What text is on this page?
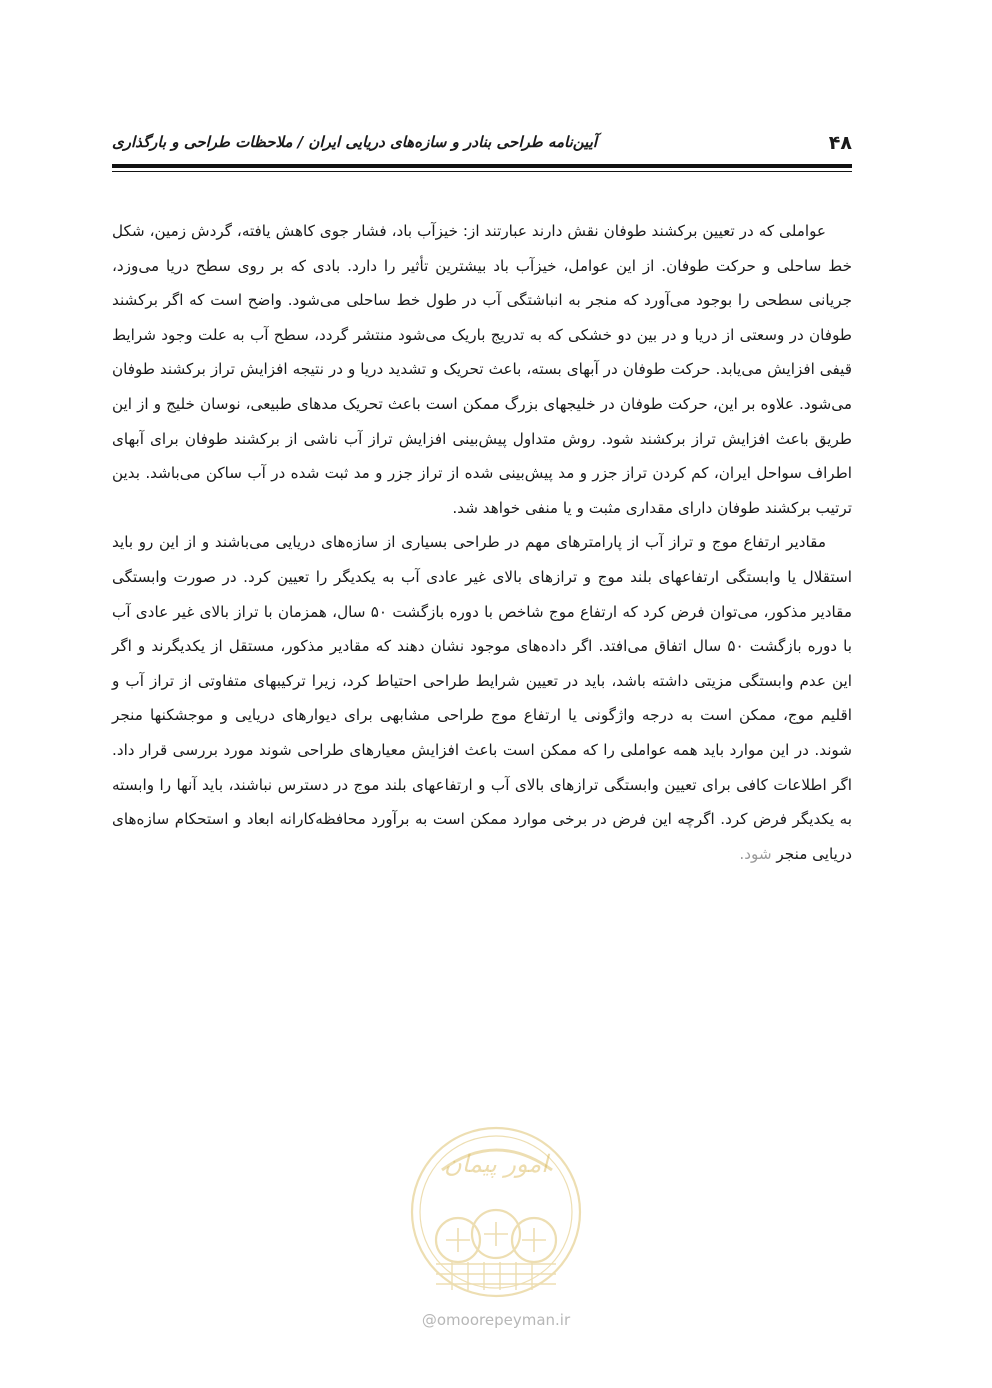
۴۸
آیین‌نامه طراحی بنادر و سازه‌های دریایی ایران / ملاحظات طراحی و بارگذاری

عواملی که در تعیین برکشند طوفان نقش دارند عبارتند از: خیزآب باد، فشار جوی کاهش یافته، گردش زمین، شکل خط ساحلی و حرکت طوفان. از این عوامل، خیزآب باد بیشترین تأثیر را دارد. بادی که بر روی سطح دریا می‌وزد، جریانی سطحی را بوجود می‌آورد که منجر به انباشتگی آب در طول خط ساحلی می‌شود. واضح است که اگر برکشند طوفان در وسعتی از دریا و در بین دو خشکی که به تدریج باریک می‌شود منتشر گردد، سطح آب به علت وجود شرایط قیفی افزایش می‌یابد. حرکت طوفان در آبهای بسته، باعث تحریک و تشدید دریا و در نتیجه افزایش تراز برکشند طوفان می‌شود. علاوه بر این، حرکت طوفان در خلیجهای بزرگ ممکن است باعث تحریک مدهای طبیعی، نوسان خلیج و از این طریق باعث افزایش تراز برکشند شود. روش متداول پیش‌بینی افزایش تراز آب ناشی از برکشند طوفان برای آبهای اطراف سواحل ایران، کم کردن تراز جزر و مد پیش‌بینی شده از تراز جزر و مد ثبت شده در آب ساکن می‌باشد. بدین ترتیب برکشند طوفان دارای مقداری مثبت و یا منفی خواهد شد.

مقادیر ارتفاع موج و تراز آب از پارامترهای مهم در طراحی بسیاری از سازه‌های دریایی می‌باشند و از این رو باید استقلال یا وابستگی ارتفاعهای بلند موج و ترازهای بالای غیر عادی آب به یکدیگر را تعیین کرد. در صورت وابستگی مقادیر مذکور، می‌توان فرض کرد که ارتفاع موج شاخص با دوره بازگشت ۵۰ سال، همزمان با تراز بالای غیر عادی آب با دوره بازگشت ۵۰ سال اتفاق می‌افتد. اگر داده‌های موجود نشان دهند که مقادیر مذکور، مستقل از یکدیگرند و اگر این عدم وابستگی مزیتی داشته باشد، باید در تعیین شرایط طراحی احتیاط کرد، زیرا ترکیبهای متفاوتی از تراز آب و اقلیم موج، ممکن است به درجه واژگونی یا ارتفاع موج طراحی مشابهی برای دیوارهای دریایی و موجشکنها منجر شوند. در این موارد باید همه عواملی را که ممکن است باعث افزایش معیارهای طراحی شوند مورد بررسی قرار داد. اگر اطلاعات کافی برای تعیین وابستگی ترازهای بالای آب و ارتفاعهای بلند موج در دسترس نباشند، باید آنها را وابسته به یکدیگر فرض کرد. اگرچه این فرض در برخی موارد ممکن است به برآورد محافظه‌کارانه ابعاد و استحکام سازه‌های دریایی منجر شود.

امور پیمان
@omoorepeyman.ir
